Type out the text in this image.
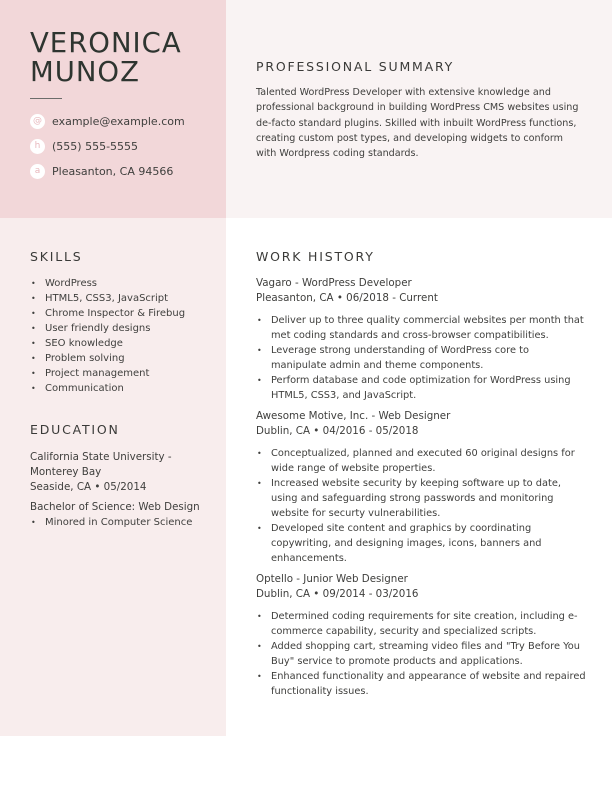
VERONICA
MUNOZ
@ example@example.com
h	(555) 555-5555
a	Pleasanton, CA 94566
PROFESSIONAL SUMMARY

Talented WordPress Developer with extensive knowledge and professional background in building WordPress CMS websites using de-facto standard plugins. Skilled with inbuilt WordPress functions, creating custom post types, and developing widgets to conform with Wordpress coding standards.

SKILLS
• WordPress
• HTML5, CSS3, JavaScript
• Chrome Inspector & Firebug
• User friendly designs
• SEO knowledge
• Problem solving
• Project management
• Communication
EDUCATION

California State University - Monterey Bay

Seaside, CA • 05/2014

Bachelor of Science: Web Design

• Minored in Computer Science
WORK HISTORY

Vagaro - WordPress Developer

Pleasanton, CA • 06/2018 - Current

• Deliver up to three quality commercial websites per month that met coding standards and cross-browser compatibilities.
• Leverage strong understanding of WordPress core to manipulate admin and theme components.
• Perform database and code optimization for WordPress using HTML5, CSS3, and JavaScript.

Awesome Motive, Inc. - Web Designer

Dublin, CA • 04/2016 - 05/2018

• Conceptualized, planned and executed 60 original designs for wide range of website properties.
• Increased website security by keeping software up to date, using and safeguarding strong passwords and monitoring website for securty vulnerabilities.
• Developed site content and graphics by coordinating copywriting, and designing images, icons, banners and enhancements.

Optello - Junior Web Designer

Dublin, CA • 09/2014 - 03/2016

• Determined coding requirements for site creation, including e-commerce capability, security and specialized scripts.
• Added shopping cart, streaming video files and "Try Before You Buy" service to promote products and applications.
• Enhanced functionality and appearance of website and repaired functionality issues.
